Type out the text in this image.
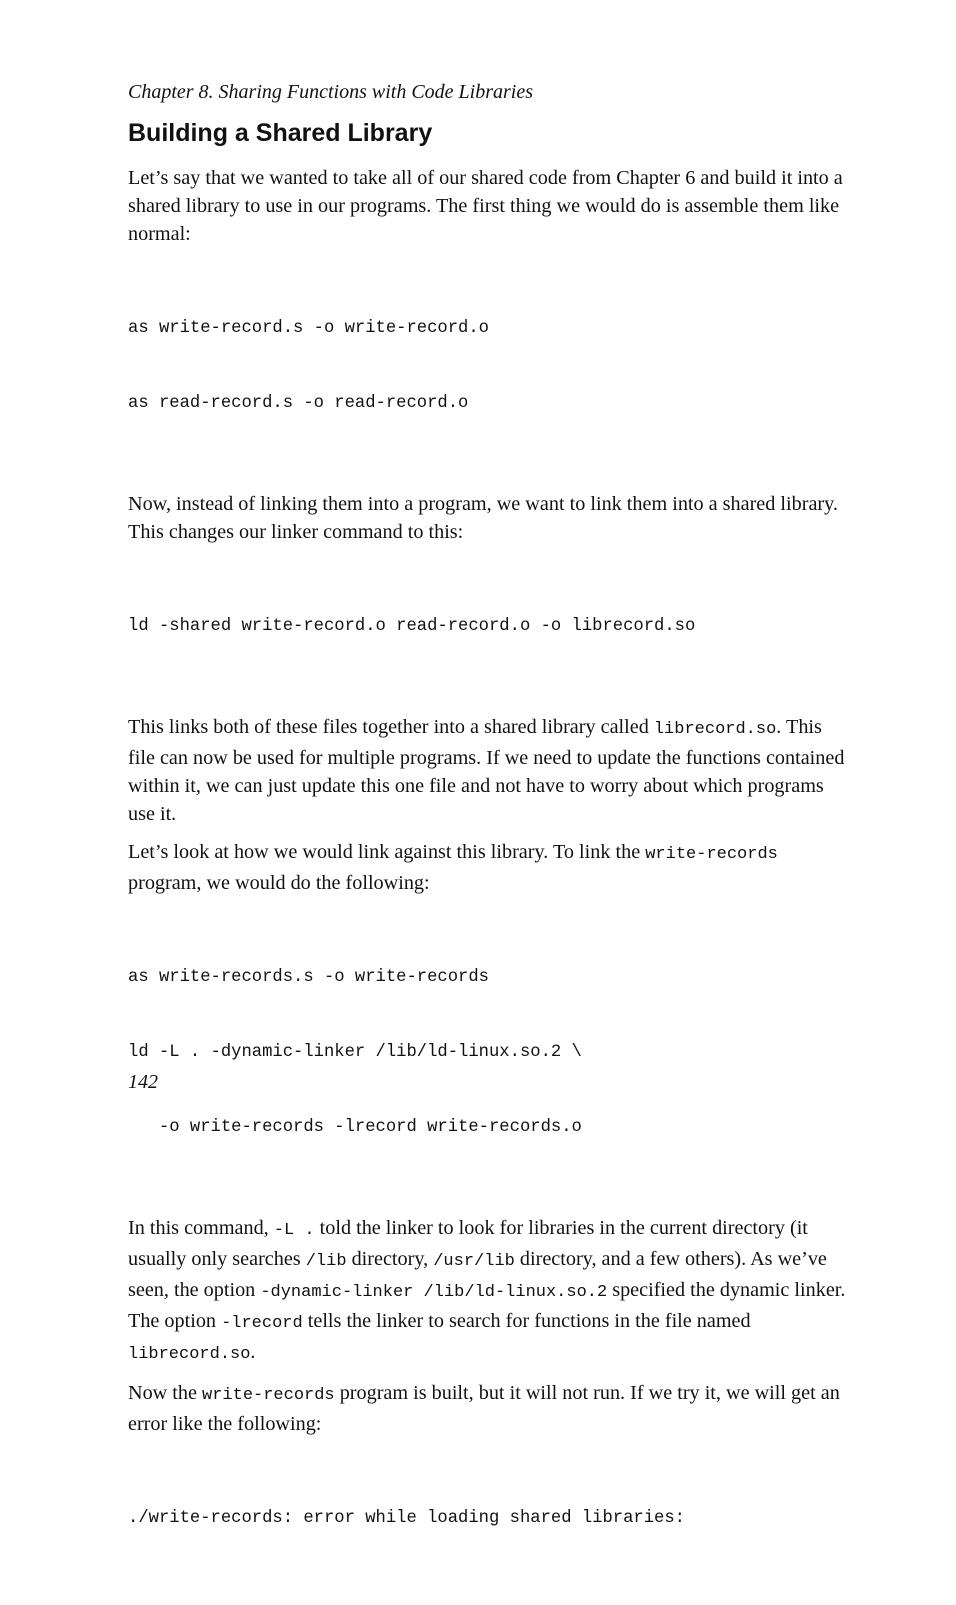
Chapter 8. Sharing Functions with Code Libraries

Building a Shared Library

Let’s say that we wanted to take all of our shared code from Chapter 6 and build it into a shared library to use in our programs. The first thing we would do is assemble them like normal:

as write-record.s -o write-record.o

as read-record.s -o read-record.o

Now, instead of linking them into a program, we want to link them into a shared library. This changes our linker command to this:

ld -shared write-record.o read-record.o -o librecord.so

This links both of these files together into a shared library called librecord.so. This file can now be used for multiple programs. If we need to update the functions contained within it, we can just update this one file and not have to worry about which programs use it.

Let’s look at how we would link against this library. To link the write-records program, we would do the following:

as write-records.s -o write-records

ld -L . -dynamic-linker /lib/ld-linux.so.2 \

-o write-records -lrecord write-records.o

In this command, -L . told the linker to look for libraries in the current directory (it usually only searches /lib directory, /usr/lib directory, and a few others). As we’ve seen, the option -dynamic-linker /lib/ld-linux.so.2 specified the dynamic linker. The option -lrecord tells the linker to search for functions in the file named librecord.so.

Now the write-records program is built, but it will not run. If we try it, we will get an error like the following:

./write-records: error while loading shared libraries:

142
